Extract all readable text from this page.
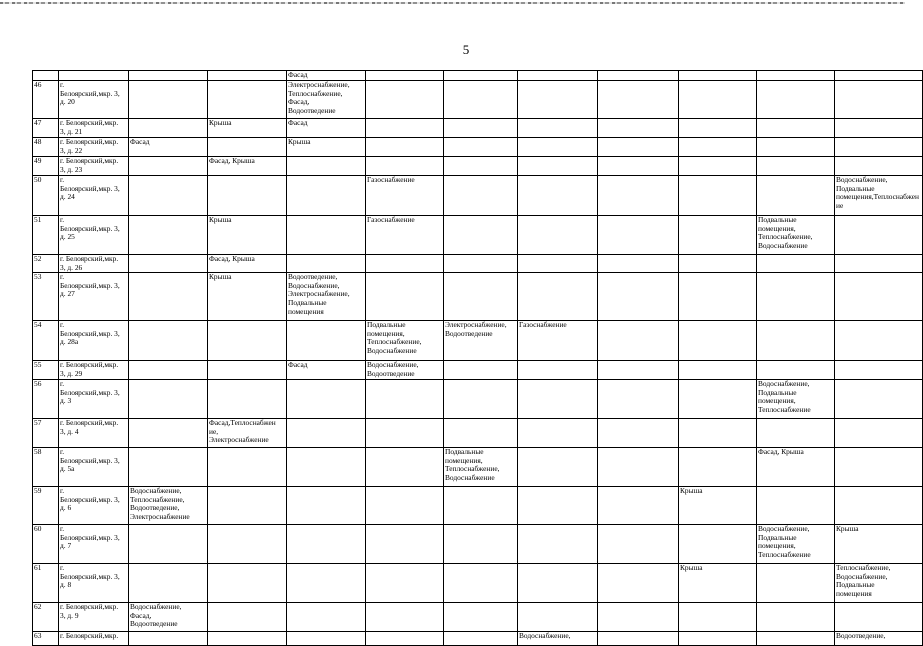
5

				Фасад							

46	г.
Белоярский,мкр. 3,
д. 20			Электроснабжение,
Теплоснабжение,
Фасад,
Водоотведение							

47	г. Белоярский,мкр.
3, д. 21		Крыша	Фасад							

48	г. Белоярский,мкр.
3, д. 22	Фасад		Крыша							

49	г. Белоярский,мкр.
3, д. 23		Фасад, Крыша								

50	г.
Белоярский,мкр. 3,
д. 24				Газоснабжение						Водоснабжение,
Подвальные
помещения,Теплоснабжение

51	г.
Белоярский,мкр. 3,
д. 25		Крыша		Газоснабжение					Подвальные
помещения,
Теплоснабжение,
Водоснабжение	

52	г. Белоярский,мкр.
3, д. 26		Фасад, Крыша								

53	г.
Белоярский,мкр. 3,
д. 27		Крыша	Водоотведение,
Водоснабжение,
Электроснабжение,
Подвальные
помещения							

54	г.
Белоярский,мкр. 3,
д. 28а				Подвальные
помещения,
Теплоснабжение,
Водоснабжение	Электроснабжение,
Водоотведение	Газоснабжение				

55	г. Белоярский,мкр.
3, д. 29			Фасад	Водоснабжение,
Водоотведение						

56	г.
Белоярский,мкр. 3,
д. 3									Водоснабжение,
Подвальные
помещения,
Теплоснабжение	

57	г. Белоярский,мкр.
3, д. 4		Фасад,Теплоснабжен
ие,
Электроснабжение								

58	г.
Белоярский,мкр. 3,
д. 5а					Подвальные
помещения,
Теплоснабжение,
Водоснабжение				Фасад, Крыша	

59	г.
Белоярский,мкр. 3,
д. 6	Водоснабжение,
Теплоснабжение,
Водоотведение,
Электроснабжение							Крыша		

60	г.
Белоярский,мкр. 3,
д. 7									Водоснабжение,
Подвальные
помещения,
Теплоснабжение	Крыша

61	г.
Белоярский,мкр. 3,
д. 8								Крыша		Теплоснабжение,
Водоснабжение,
Подвальные
помещения

62	г. Белоярский,мкр.
3, д. 9	Водоснабжение,
Фасад,
Водоотведение									

63	г. Белоярский,мкр.						Водоснабжение,				Водоотведение,
